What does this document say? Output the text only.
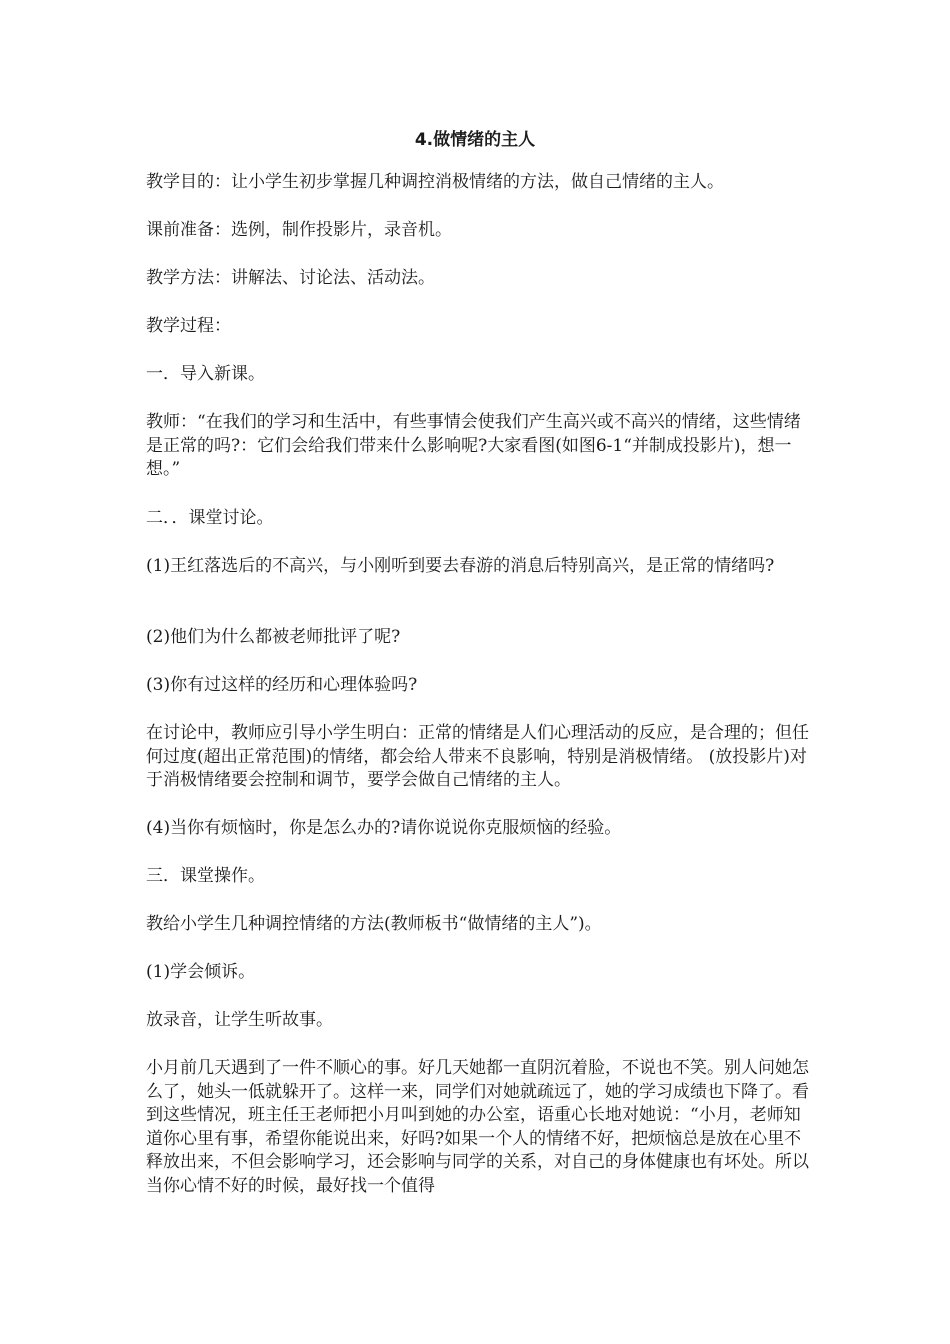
4.做情绪的主人

教学目的：让小学生初步掌握几种调控消极情绪的方法，做自己情绪的主人。

课前准备：选例，制作投影片，录音机。

教学方法：讲解法、讨论法、活动法。

教学过程：

一．导入新课。

教师：“在我们的学习和生活中，有些事情会使我们产生高兴或不高兴的情绪，这些情绪是正常的吗?：它们会给我们带来什么影响呢?大家看图(如图6-1“并制成投影片)，想一想。”

二．．课堂讨论。

(1)王红落选后的不高兴，与小刚听到要去春游的消息后特别高兴，是正常的情绪吗?

(2)他们为什么都被老师批评了呢?

(3)你有过这样的经历和心理体验吗?

在讨论中，教师应引导小学生明白：正常的情绪是人们心理活动的反应，是合理的；但任何过度(超出正常范围)的情绪，都会给人带来不良影响，特别是消极情绪。 (放投影片)对于消极情绪要会控制和调节，要学会做自己情绪的主人。

(4)当你有烦恼时，你是怎么办的?请你说说你克服烦恼的经验。

三．课堂操作。

教给小学生几种调控情绪的方法(教师板书“做情绪的主人”)。

(1)学会倾诉。

放录音，让学生听故事。

小月前几天遇到了一件不顺心的事。好几天她都一直阴沉着脸，不说也不笑。别人问她怎么了，她头一低就躲开了。这样一来，同学们对她就疏远了，她的学习成绩也下降了。看到这些情况，班主任王老师把小月叫到她的办公室，语重心长地对她说：“小月，老师知道你心里有事，希望你能说出来，好吗?如果一个人的情绪不好，把烦恼总是放在心里不释放出来，不但会影响学习，还会影响与同学的关系，对自己的身体健康也有坏处。所以当你心情不好的时候，最好找一个值得
